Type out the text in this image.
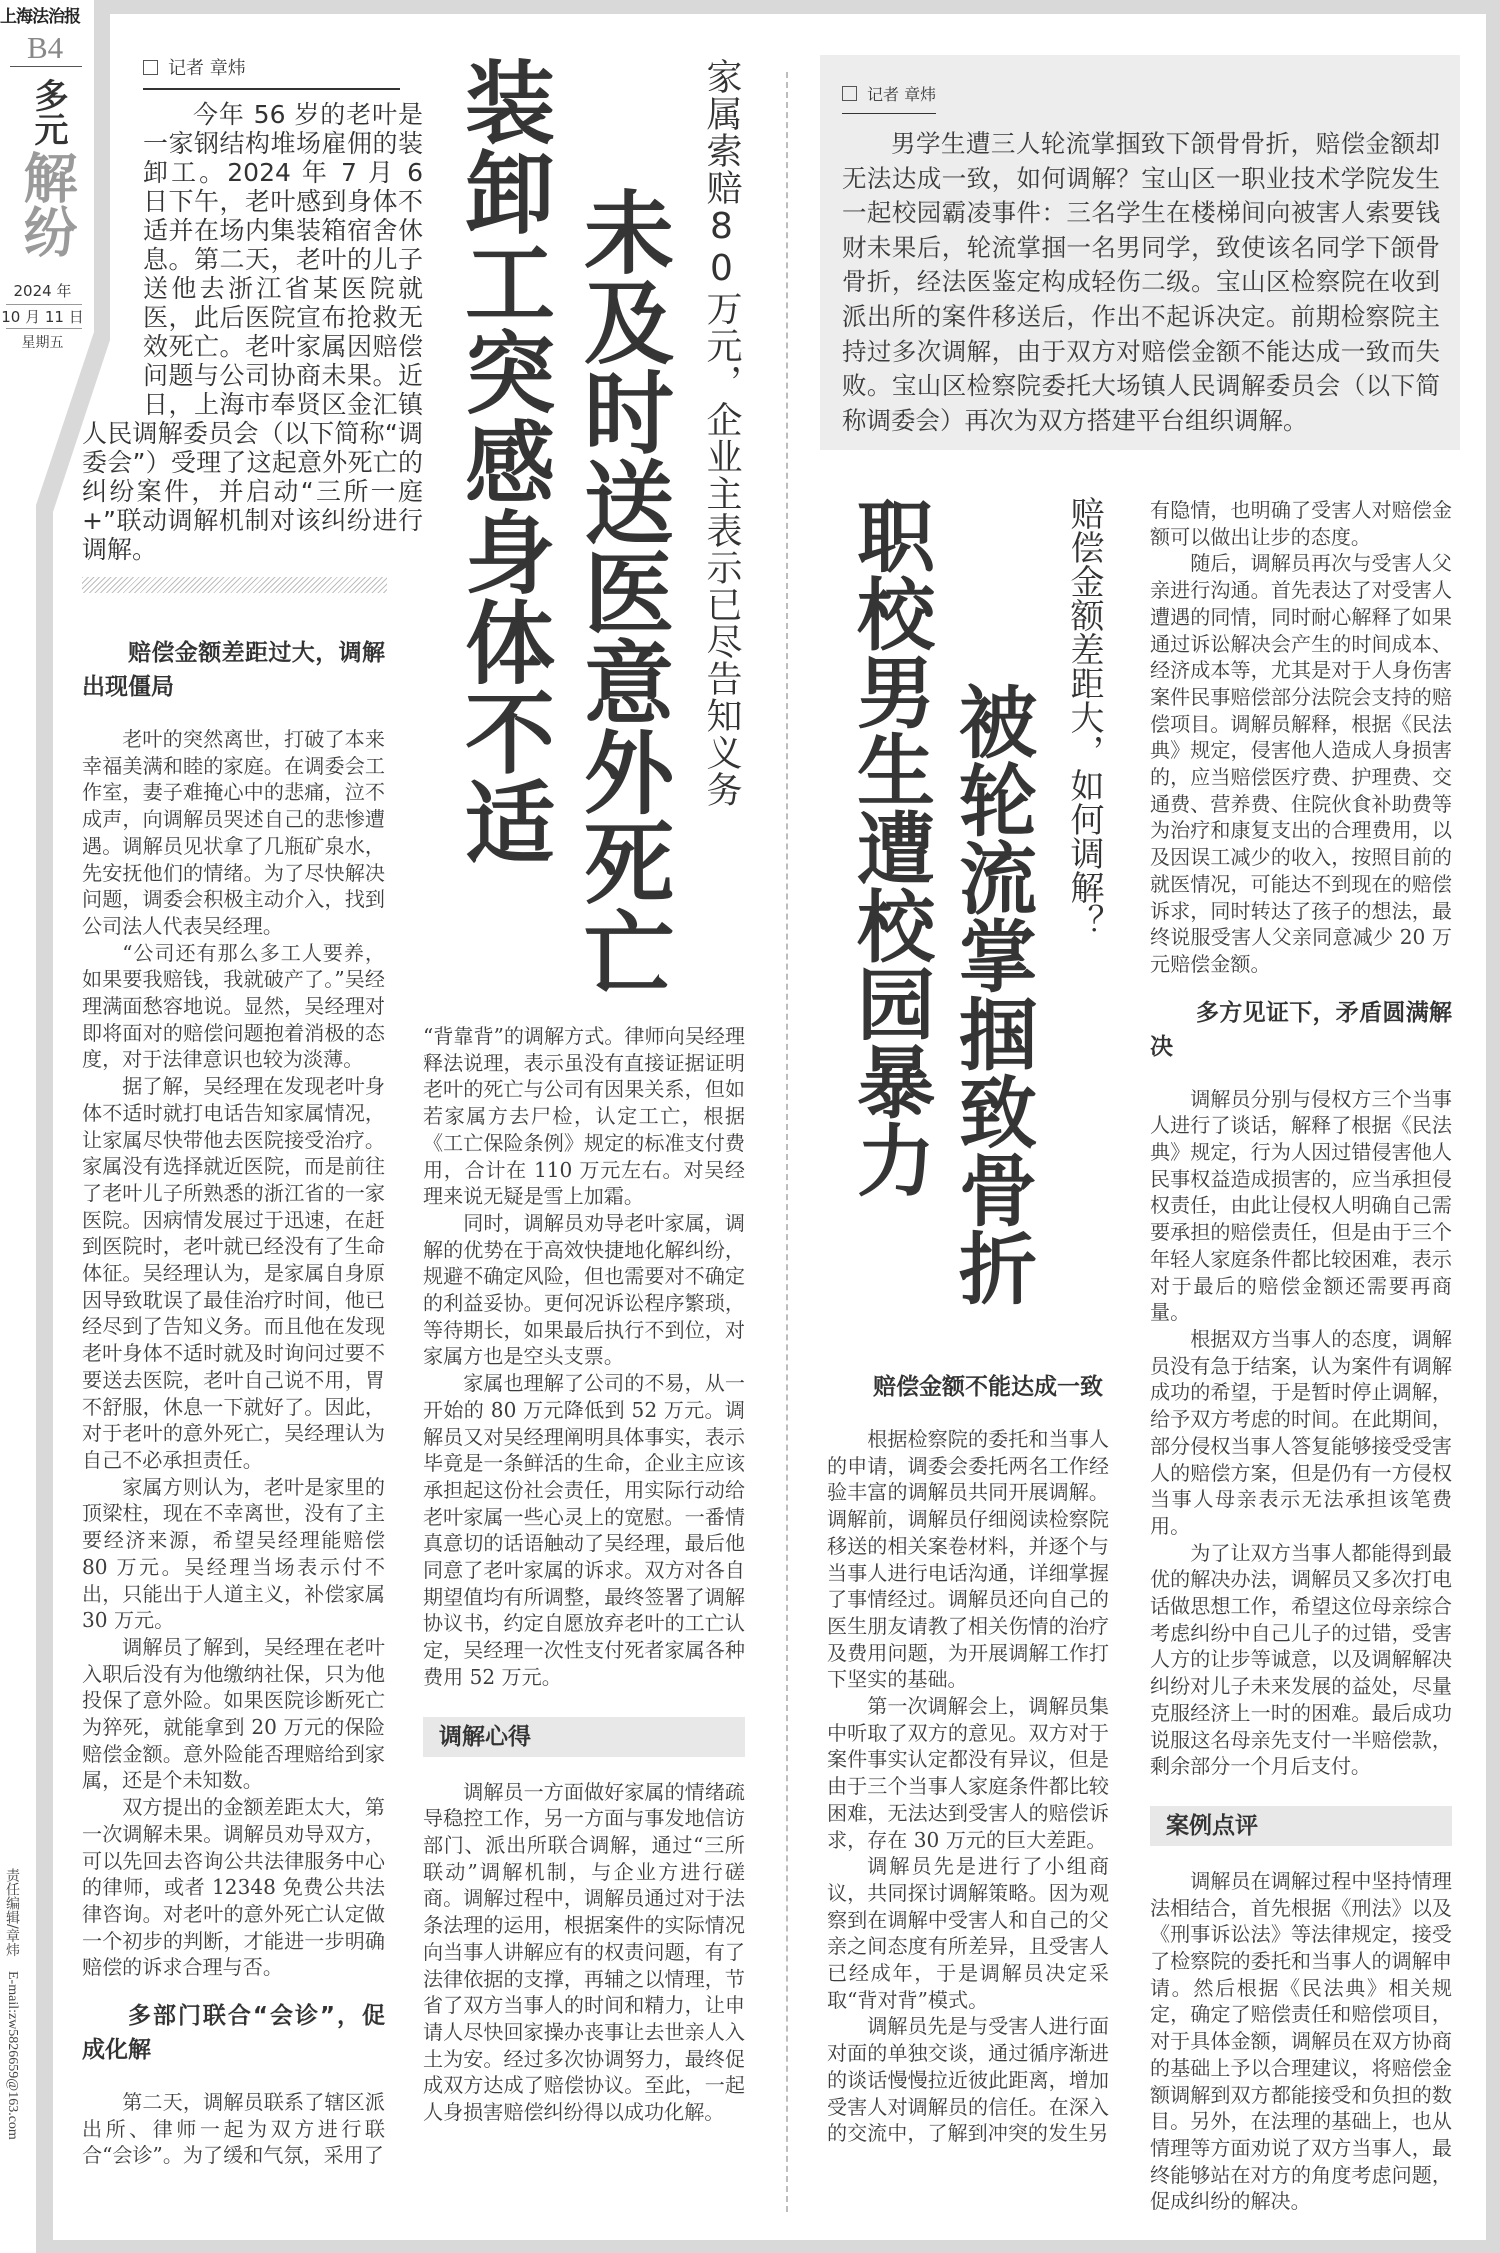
上海法治报
B4
多元
解纷
2024 年
10 月 11 日
星期五
责任编辑/章炜 E-mail:zw5826659@163.com
记者 章炜

今年 56 岁的老叶是一家钢结构堆场雇佣的装卸工。2024 年 7 月 6 日下午，老叶感到身体不适并在场内集装箱宿舍休息。第二天，老叶的儿子送他去浙江省某医院就医，此后医院宣布抢救无效死亡。老叶家属因赔偿问题与公司协商未果。近日，上海市奉贤区金汇镇人民调解委员会（以下简称“调委会”）受理了这起意外死亡的纠纷案件，并启动“三所一庭 +”联动调解机制对该纠纷进行调解。	未及时送医意外死亡
装卸工突感身体不适	家属索赔80万元，企业主表示已尽告知义务
赔偿金额差距过大，调解出现僵局

老叶的突然离世，打破了本来幸福美满和睦的家庭。在调委会工作室，妻子难掩心中的悲痛，泣不成声，向调解员哭述自己的悲惨遭遇。调解员见状拿了几瓶矿泉水，先安抚他们的情绪。为了尽快解决问题，调委会积极主动介入，找到公司法人代表吴经理。

“公司还有那么多工人要养，如果要我赔钱，我就破产了。”吴经理满面愁容地说。显然，吴经理对即将面对的赔偿问题抱着消极的态度，对于法律意识也较为淡薄。

据了解，吴经理在发现老叶身体不适时就打电话告知家属情况，让家属尽快带他去医院接受治疗。家属没有选择就近医院，而是前往了老叶儿子所熟悉的浙江省的一家医院。因病情发展过于迅速，在赶到医院时，老叶就已经没有了生命体征。吴经理认为，是家属自身原因导致耽误了最佳治疗时间，他已经尽到了告知义务。而且他在发现老叶身体不适时就及时询问过要不要送去医院，老叶自己说不用，胃不舒服，休息一下就好了。因此，对于老叶的意外死亡，吴经理认为自己不必承担责任。

家属方则认为，老叶是家里的顶梁柱，现在不幸离世，没有了主要经济来源，希望吴经理能赔偿 80 万元。吴经理当场表示付不出，只能出于人道主义，补偿家属 30 万元。

调解员了解到，吴经理在老叶入职后没有为他缴纳社保，只为他投保了意外险。如果医院诊断死亡为猝死，就能拿到 20 万元的保险赔偿金额。意外险能否理赔给到家属，还是个未知数。

双方提出的金额差距太大，第一次调解未果。调解员劝导双方，可以先回去咨询公共法律服务中心的律师，或者 12348 免费公共法律咨询。对老叶的意外死亡认定做一个初步的判断，才能进一步明确赔偿的诉求合理与否。

多部门联合“会诊”，促成化解

第二天，调解员联系了辖区派出所、律师一起为双方进行联合“会诊”。为了缓和气氛，采用了

“背靠背”的调解方式。律师向吴经理释法说理，表示虽没有直接证据证明老叶的死亡与公司有因果关系，但如若家属方去尸检，认定工亡，根据《工亡保险条例》规定的标准支付费用，合计在 110 万元左右。对吴经理来说无疑是雪上加霜。

同时，调解员劝导老叶家属，调解的优势在于高效快捷地化解纠纷，规避不确定风险，但也需要对不确定的利益妥协。更何况诉讼程序繁琐，等待期长，如果最后执行不到位，对家属方也是空头支票。

家属也理解了公司的不易，从一开始的 80 万元降低到 52 万元。调解员又对吴经理阐明具体事实，表示毕竟是一条鲜活的生命，企业主应该承担起这份社会责任，用实际行动给老叶家属一些心灵上的宽慰。一番情真意切的话语触动了吴经理，最后他同意了老叶家属的诉求。双方对各自期望值均有所调整，最终签署了调解协议书，约定自愿放弃老叶的工亡认定，吴经理一次性支付死者家属各种费用 52 万元。

调解心得

调解员一方面做好家属的情绪疏导稳控工作，另一方面与事发地信访部门、派出所联合调解，通过“三所联动”调解机制，与企业方进行磋商。调解过程中，调解员通过对于法条法理的运用，根据案件的实际情况向当事人讲解应有的权责问题，有了法律依据的支撑，再辅之以情理，节省了双方当事人的时间和精力，让申请人尽快回家操办丧事让去世亲人入土为安。经过多次协调努力，最终促成双方达成了赔偿协议。至此，一起人身损害赔偿纠纷得以成功化解。

记者 章炜

男学生遭三人轮流掌掴致下颌骨骨折，赔偿金额却无法达成一致，如何调解？宝山区一职业技术学院发生一起校园霸凌事件：三名学生在楼梯间向被害人索要钱财未果后，轮流掌掴一名男同学，致使该名同学下颌骨骨折，经法医鉴定构成轻伤二级。宝山区检察院在收到派出所的案件移送后，作出不起诉决定。前期检察院主持过多次调解，由于双方对赔偿金额不能达成一致而失败。宝山区检察院委托大场镇人民调解委员会（以下简称调委会）再次为双方搭建平台组织调解。

被轮流掌掴致骨折
职校男生遭校园暴力	赔偿金额差距大，如何调解？
赔偿金额不能达成一致

根据检察院的委托和当事人的申请，调委会委托两名工作经验丰富的调解员共同开展调解。调解前，调解员仔细阅读检察院移送的相关案卷材料，并逐个与当事人进行电话沟通，详细掌握了事情经过。调解员还向自己的医生朋友请教了相关伤情的治疗及费用问题，为开展调解工作打下坚实的基础。

第一次调解会上，调解员集中听取了双方的意见。双方对于案件事实认定都没有异议，但是由于三个当事人家庭条件都比较困难，无法达到受害人的赔偿诉求，存在 30 万元的巨大差距。

调解员先是进行了小组商议，共同探讨调解策略。因为观察到在调解中受害人和自己的父亲之间态度有所差异，且受害人已经成年，于是调解员决定采取“背对背”模式。

调解员先是与受害人进行面对面的单独交谈，通过循序渐进的谈话慢慢拉近彼此距离，增加受害人对调解员的信任。在深入的交流中，了解到冲突的发生另

有隐情，也明确了受害人对赔偿金额可以做出让步的态度。

随后，调解员再次与受害人父亲进行沟通。首先表达了对受害人遭遇的同情，同时耐心解释了如果通过诉讼解决会产生的时间成本、经济成本等，尤其是对于人身伤害案件民事赔偿部分法院会支持的赔偿项目。调解员解释，根据《民法典》规定，侵害他人造成人身损害的，应当赔偿医疗费、护理费、交通费、营养费、住院伙食补助费等为治疗和康复支出的合理费用，以及因误工减少的收入，按照目前的就医情况，可能达不到现在的赔偿诉求，同时转达了孩子的想法，最终说服受害人父亲同意减少 20 万元赔偿金额。

多方见证下，矛盾圆满解决

调解员分别与侵权方三个当事人进行了谈话，解释了根据《民法典》规定，行为人因过错侵害他人民事权益造成损害的，应当承担侵权责任，由此让侵权人明确自己需要承担的赔偿责任，但是由于三个年轻人家庭条件都比较困难，表示对于最后的赔偿金额还需要再商量。

根据双方当事人的态度，调解员没有急于结案，认为案件有调解成功的希望，于是暂时停止调解，给予双方考虑的时间。在此期间，部分侵权当事人答复能够接受受害人的赔偿方案，但是仍有一方侵权当事人母亲表示无法承担该笔费用。

为了让双方当事人都能得到最优的解决办法，调解员又多次打电话做思想工作，希望这位母亲综合考虑纠纷中自己儿子的过错，受害人方的让步等诚意，以及调解解决纠纷对儿子未来发展的益处，尽量克服经济上一时的困难。最后成功说服这名母亲先支付一半赔偿款，剩余部分一个月后支付。

案例点评

调解员在调解过程中坚持情理法相结合，首先根据《刑法》以及《刑事诉讼法》等法律规定，接受了检察院的委托和当事人的调解申请。然后根据《民法典》相关规定，确定了赔偿责任和赔偿项目，对于具体金额，调解员在双方协商的基础上予以合理建议，将赔偿金额调解到双方都能接受和负担的数目。另外，在法理的基础上，也从情理等方面劝说了双方当事人，最终能够站在对方的角度考虑问题，促成纠纷的解决。
